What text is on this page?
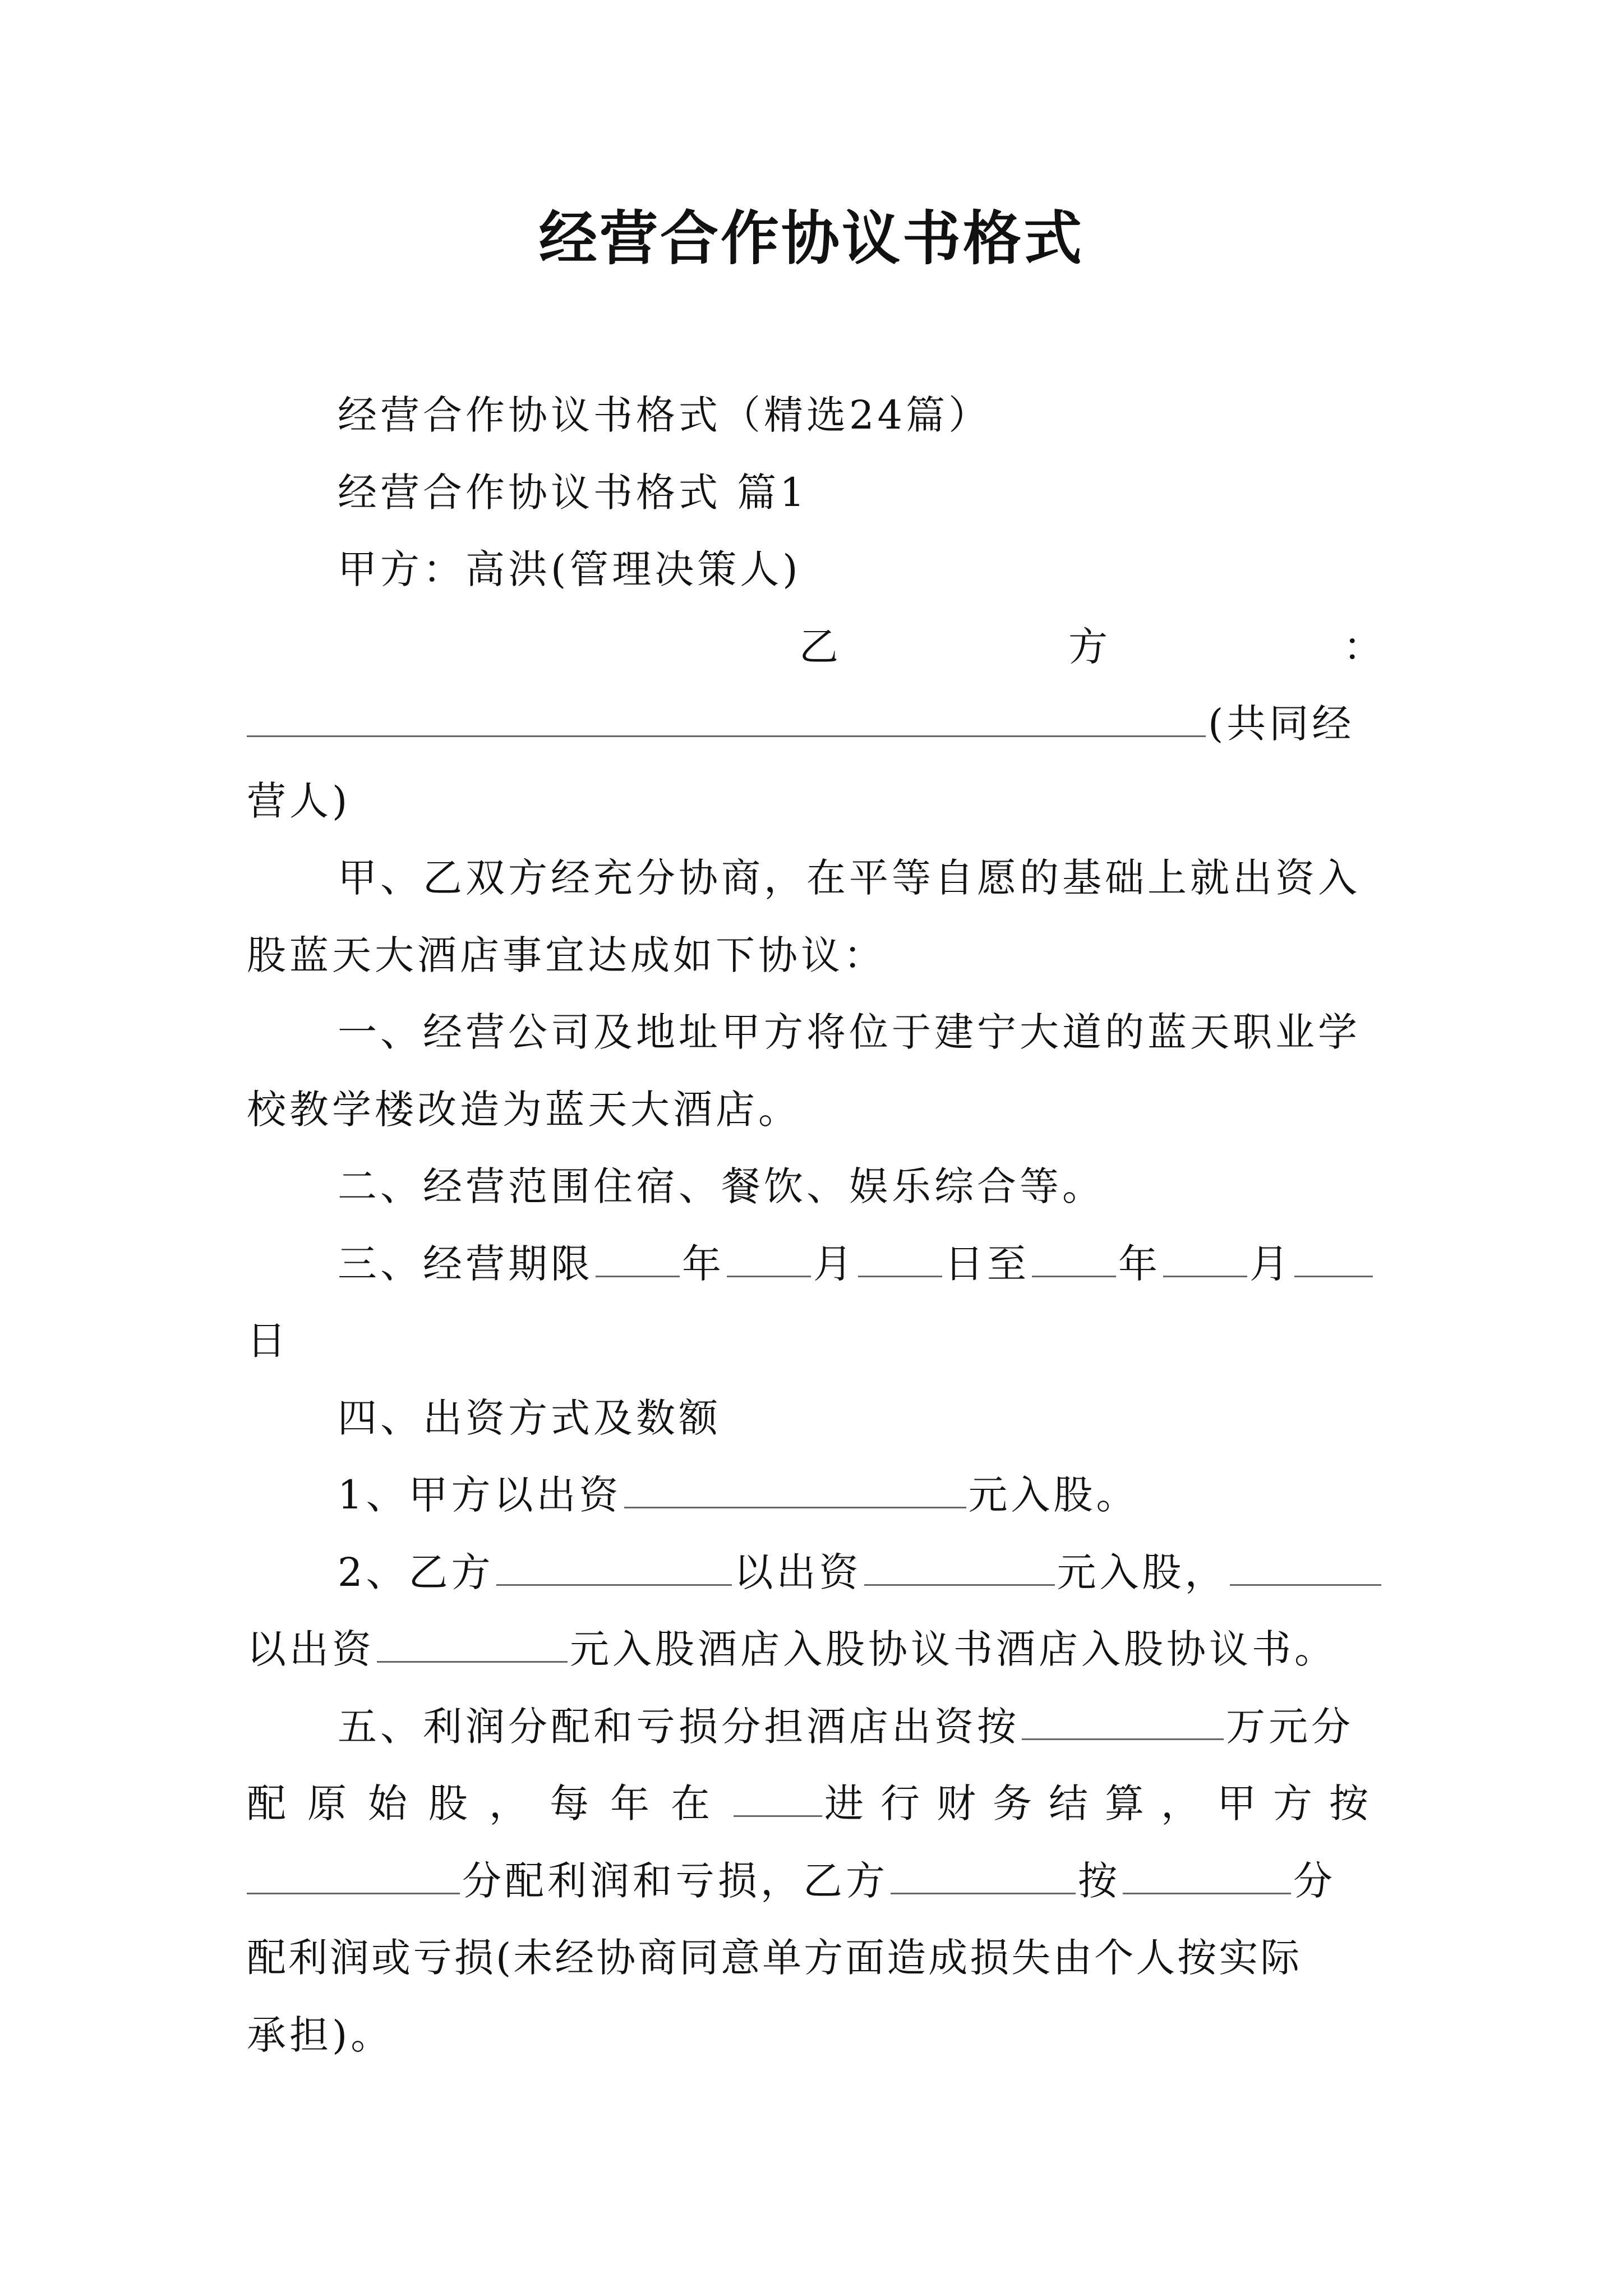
经营合作协议书格式
经营合作协议书格式（精选24篇）
经营合作协议书格式 篇1
甲方：高洪(管理决策人)
乙	方	：
(共同经
营人)
甲、乙双方经充分协商，在平等自愿的基础上就出资入
股蓝天大酒店事宜达成如下协议：
一、经营公司及地址甲方将位于建宁大道的蓝天职业学
校教学楼改造为蓝天大酒店。
二、经营范围住宿、餐饮、娱乐综合等。
三、经营期限 年 月 日至 年 月
日
四、出资方式及数额
1、甲方以出资	元入股。
2、乙方	以出资	元入股，
以出资	元入股酒店入股协议书酒店入股协议书。
五、利润分配和亏损分担酒店出资按	万元分
配原始股，每年在 进行财务结算，甲方按
分配利润和亏损，乙方	按	分
配利润或亏损(未经协商同意单方面造成损失由个人按实际
承担)。
